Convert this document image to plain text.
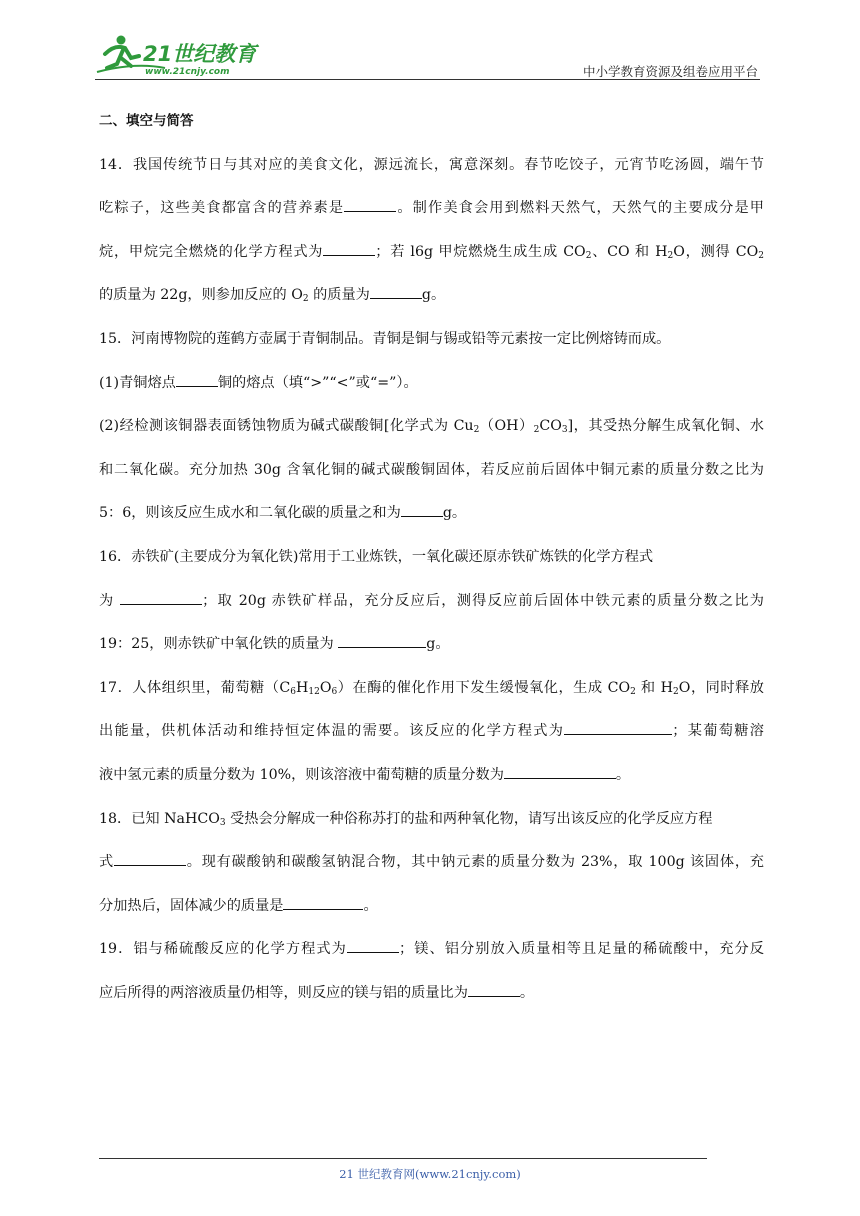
21世纪教育
www.21cnjy.com	中小学教育资源及组卷应用平台
二、填空与简答
14．我国传统节日与其对应的美食文化，源远流长，寓意深刻。春节吃饺子，元宵节吃汤圆，端午节
吃粽子，这些美食都富含的营养素是	。制作美食会用到燃料天然气，天然气的主要成分是甲
烷，甲烷完全燃烧的化学方程式为	；若 l6g 甲烷燃烧生成生成 $CO_2$、CO 和 $H_2O$，测得 $CO_2$
的质量为 22g，则参加反应的 $O_2$ 的质量为	g。
15．河南博物院的莲鹤方壶属于青铜制品。青铜是铜与锡或铅等元素按一定比例熔铸而成。
(1)青铜熔点	铜的熔点（填“>”“<”或“=”）。
(2)经检测该铜器表面锈蚀物质为碱式碳酸铜[化学式为 $Cu_2(OH)_2CO_3$]，其受热分解生成氧化铜、水
和二氧化碳。充分加热 30g 含氧化铜的碱式碳酸铜固体，若反应前后固体中铜元素的质量分数之比为
5：6，则该反应生成水和二氧化碳的质量之和为	g。
16．赤铁矿(主要成分为氧化铁)常用于工业炼铁，一氧化碳还原赤铁矿炼铁的化学方程式
为	；取 20g 赤铁矿样品，充分反应后，测得反应前后固体中铁元素的质量分数之比为
19：25，则赤铁矿中氧化铁的质量为	g。
17．人体组织里，葡萄糖$(C_6H_{12}O_6)$在酶的催化作用下发生缓慢氧化，生成 $CO_2$ 和 $H_2O$，同时释放
出能量，供机体活动和维持恒定体温的需要。该反应的化学方程式为	；某葡萄糖溶
液中氢元素的质量分数为 10%，则该溶液中葡萄糖的质量分数为	。
18．已知 NaHCO$_3$ 受热会分解成一种俗称苏打的盐和两种氧化物，请写出该反应的化学反应方程
式	。现有碳酸钠和碳酸氢钠混合物，其中钠元素的质量分数为 23%，取 100g 该固体，充
分加热后，固体减少的质量是	。
19．铝与稀硫酸反应的化学方程式为	；镁、铝分别放入质量相等且足量的稀硫酸中，充分反
应后所得的两溶液质量仍相等，则反应的镁与铝的质量比为	。
21 世纪教育网(www.21cnjy.com)
